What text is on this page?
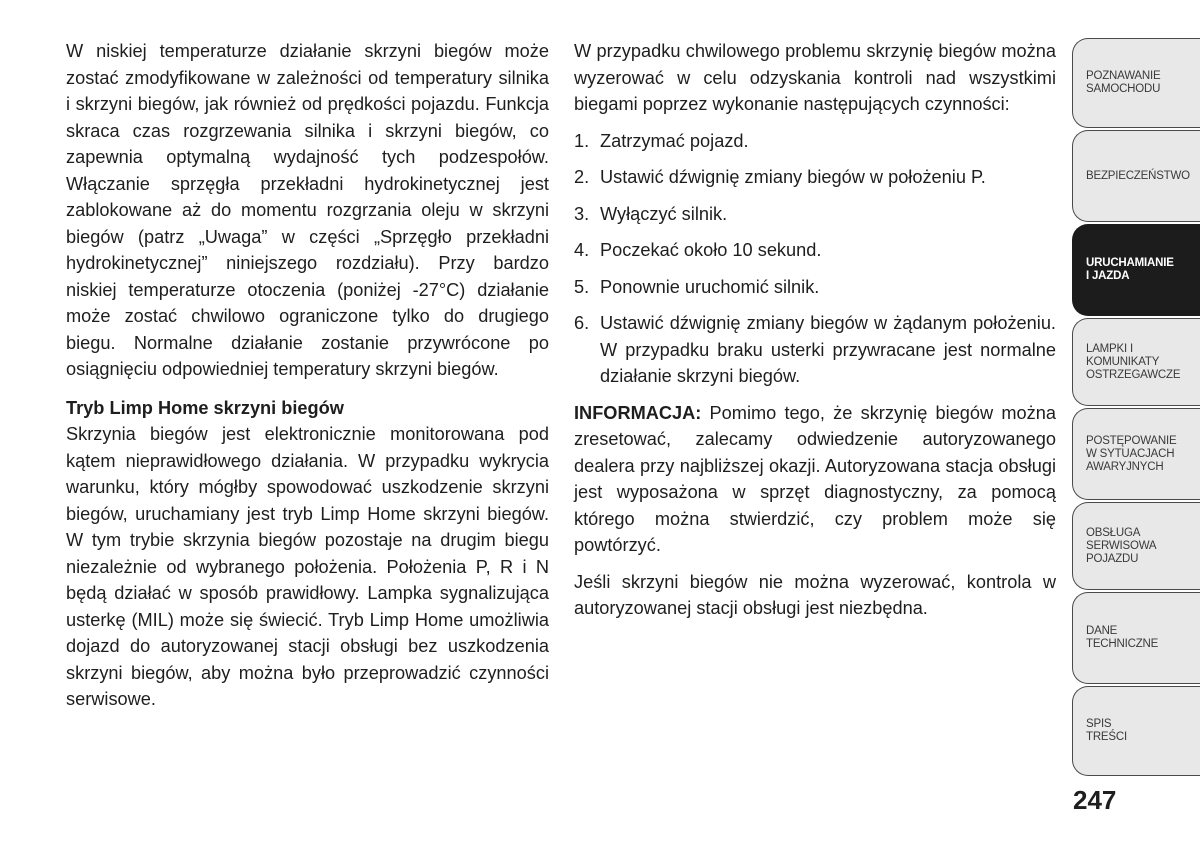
W niskiej temperaturze działanie skrzyni biegów może zostać zmodyfikowane w zależności od temperatury silnika i skrzyni biegów, jak również od prędkości pojazdu. Funkcja skraca czas rozgrzewania silnika i skrzyni biegów, co zapewnia optymalną wydajność tych podzespołów. Włączanie sprzęgła przekładni hydrokinetycznej jest zablokowane aż do momentu rozgrzania oleju w skrzyni biegów (patrz „Uwaga” w części „Sprzęgło przekładni hydrokinetycznej” niniejszego rozdziału). Przy bardzo niskiej temperaturze otoczenia (poniżej -27°C) działanie może zostać chwilowo ograniczone tylko do drugiego biegu. Normalne działanie zostanie przywrócone po osiągnięciu odpowiedniej temperatury skrzyni biegów.

Tryb Limp Home skrzyni biegów

Skrzynia biegów jest elektronicznie monitorowana pod kątem nieprawidłowego działania. W przypadku wykrycia warunku, który mógłby spowodować uszkodzenie skrzyni biegów, uruchamiany jest tryb Limp Home skrzyni biegów. W tym trybie skrzynia biegów pozostaje na drugim biegu niezależnie od wybranego położenia. Położenia P, R i N będą działać w sposób prawidłowy. Lampka sygnalizująca usterkę (MIL) może się świecić. Tryb Limp Home umożliwia dojazd do autoryzowanej stacji obsługi bez uszkodzenia skrzyni biegów, aby można było przeprowadzić czynności serwisowe.

W przypadku chwilowego problemu skrzynię biegów można wyzerować w celu odzyskania kontroli nad wszystkimi biegami poprzez wykonanie następujących czynności:

1. Zatrzymać pojazd.
2. Ustawić dźwignię zmiany biegów w położeniu P.
3. Wyłączyć silnik.
4. Poczekać około 10 sekund.
5. Ponownie uruchomić silnik.
6. Ustawić dźwignię zmiany biegów w żądanym położeniu. W przypadku braku usterki przywracane jest normalne działanie skrzyni biegów.

INFORMACJA: Pomimo tego, że skrzynię biegów można zresetować, zalecamy odwiedzenie autoryzowanego dealera przy najbliższej okazji. Autoryzowana stacja obsługi jest wyposażona w sprzęt diagnostyczny, za pomocą którego można stwierdzić, czy problem może się powtórzyć.

Jeśli skrzyni biegów nie można wyzerować, kontrola w autoryzowanej stacji obsługi jest niezbędna.

POZNAWANIE
SAMOCHODU
BEZPIECZEŃSTWO
URUCHAMIANIE
I JAZDA
LAMPKI I
KOMUNIKATY
OSTRZEGAWCZE
POSTĘPOWANIE
W SYTUACJACH
AWARYJNYCH
OBSŁUGA
SERWISOWA
POJAZDU
DANE
TECHNICZNE
SPIS
TREŚCI
247
